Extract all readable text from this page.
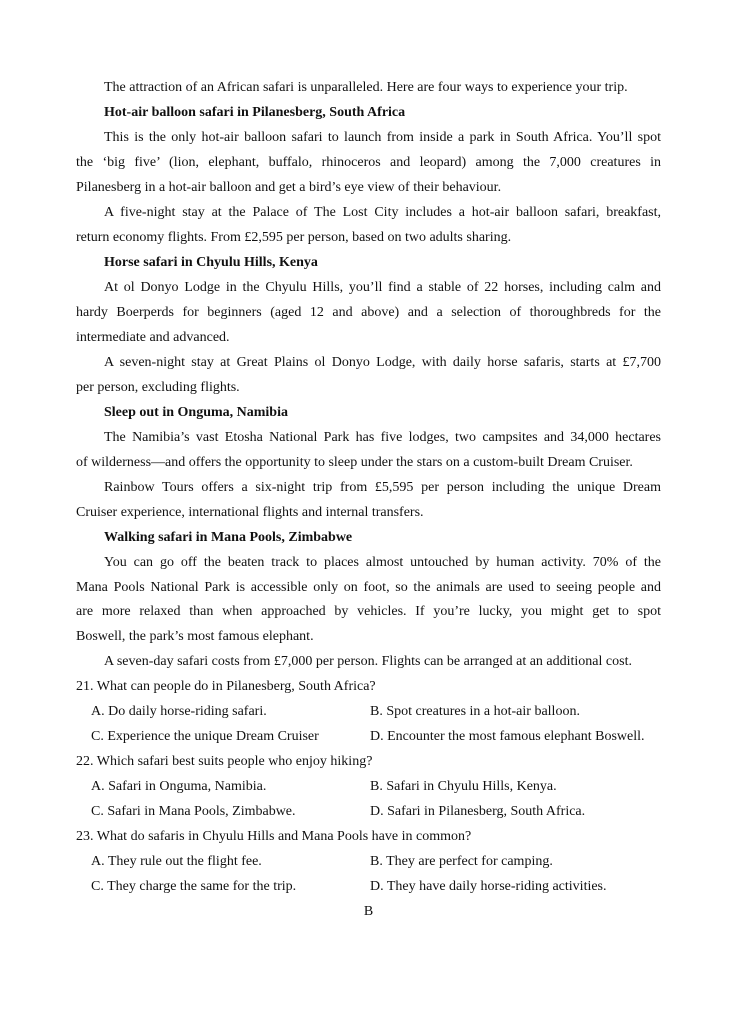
The attraction of an African safari is unparalleled. Here are four ways to experience your trip.
Hot-air balloon safari in Pilanesberg, South Africa
This is the only hot-air balloon safari to launch from inside a park in South Africa. You’ll spot
the ‘big five’ (lion, elephant, buffalo, rhinoceros and leopard) among the 7,000 creatures in
Pilanesberg in a hot-air balloon and get a bird’s eye view of their behaviour.
A five-night stay at the Palace of The Lost City includes a hot-air balloon safari, breakfast,
return economy flights. From £2,595 per person, based on two adults sharing.
Horse safari in Chyulu Hills, Kenya
At ol Donyo Lodge in the Chyulu Hills, you’ll find a stable of 22 horses, including calm and
hardy Boerperds for beginners (aged 12 and above) and a selection of thoroughbreds for the
intermediate and advanced.
A seven-night stay at Great Plains ol Donyo Lodge, with daily horse safaris, starts at £7,700
per person, excluding flights.
Sleep out in Onguma, Namibia
The Namibia’s vast Etosha National Park has five lodges, two campsites and 34,000 hectares
of wilderness—and offers the opportunity to sleep under the stars on a custom-built Dream Cruiser.
Rainbow Tours offers a six-night trip from £5,595 per person including the unique Dream
Cruiser experience, international flights and internal transfers.
Walking safari in Mana Pools, Zimbabwe
You can go off the beaten track to places almost untouched by human activity. 70% of the
Mana Pools National Park is accessible only on foot, so the animals are used to seeing people and
are more relaxed than when approached by vehicles. If you’re lucky, you might get to spot
Boswell, the park’s most famous elephant.
A seven-day safari costs from £7,000 per person. Flights can be arranged at an additional cost.
21. What can people do in Pilanesberg, South Africa?
A. Do daily horse-riding safari.	B. Spot creatures in a hot-air balloon.
C. Experience the unique Dream Cruiser	D. Encounter the most famous elephant Boswell.
22. Which safari best suits people who enjoy hiking?
A. Safari in Onguma, Namibia.	B. Safari in Chyulu Hills, Kenya.
C. Safari in Mana Pools, Zimbabwe.	D. Safari in Pilanesberg, South Africa.
23. What do safaris in Chyulu Hills and Mana Pools have in common?
A. They rule out the flight fee.	B. They are perfect for camping.
C. They charge the same for the trip.	D. They have daily horse-riding activities.
B
